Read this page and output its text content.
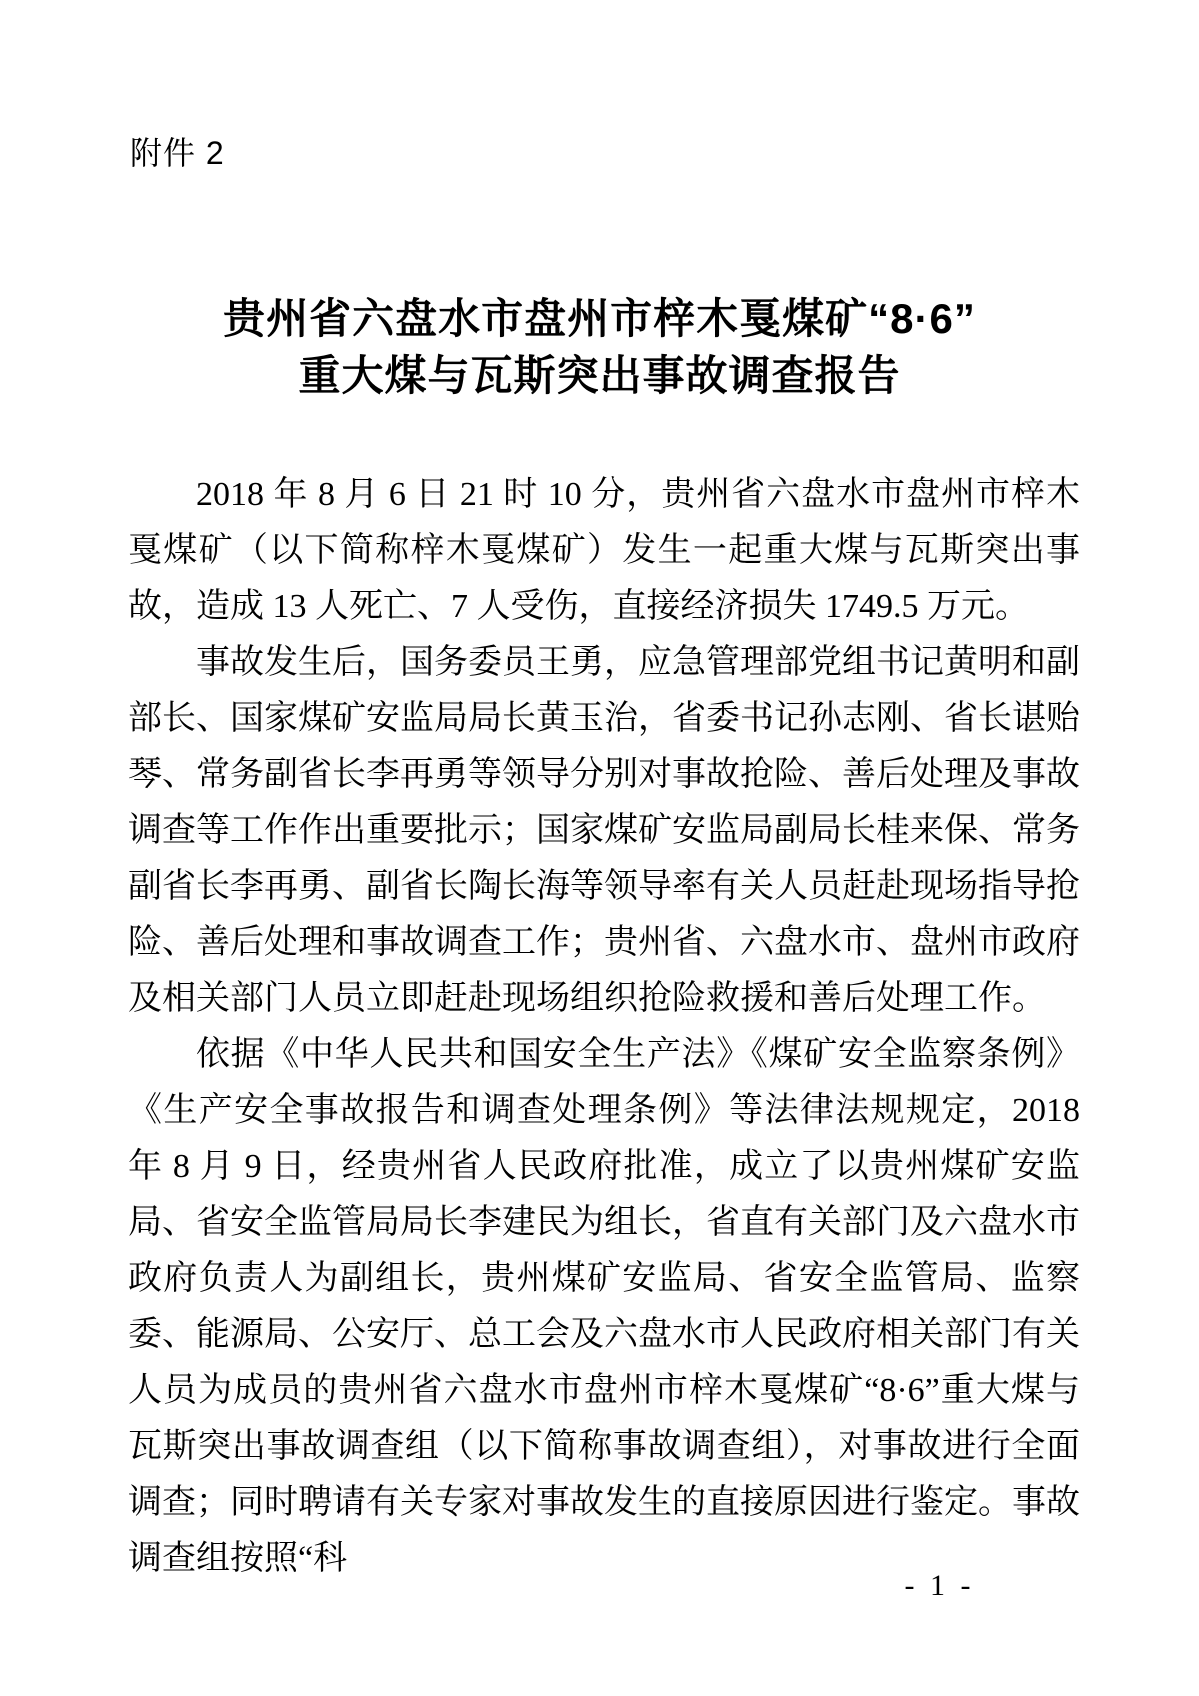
附件 2
贵州省六盘水市盘州市梓木戛煤矿“8·6”
重大煤与瓦斯突出事故调查报告

2018 年 8 月 6 日 21 时 10 分，贵州省六盘水市盘州市梓木戛煤矿（以下简称梓木戛煤矿）发生一起重大煤与瓦斯突出事故，造成 13 人死亡、7 人受伤，直接经济损失 1749.5 万元。

事故发生后，国务委员王勇，应急管理部党组书记黄明和副部长、国家煤矿安监局局长黄玉治，省委书记孙志刚、省长谌贻琴、常务副省长李再勇等领导分别对事故抢险、善后处理及事故调查等工作作出重要批示；国家煤矿安监局副局长桂来保、常务副省长李再勇、副省长陶长海等领导率有关人员赶赴现场指导抢险、善后处理和事故调查工作；贵州省、六盘水市、盘州市政府及相关部门人员立即赶赴现场组织抢险救援和善后处理工作。

依据《中华人民共和国安全生产法》《煤矿安全监察条例》《生产安全事故报告和调查处理条例》等法律法规规定，2018 年 8 月 9 日，经贵州省人民政府批准，成立了以贵州煤矿安监局、省安全监管局局长李建民为组长，省直有关部门及六盘水市政府负责人为副组长，贵州煤矿安监局、省安全监管局、监察委、能源局、公安厅、总工会及六盘水市人民政府相关部门有关人员为成员的贵州省六盘水市盘州市梓木戛煤矿“8·6”重大煤与瓦斯突出事故调查组（以下简称事故调查组），对事故进行全面调查；同时聘请有关专家对事故发生的直接原因进行鉴定。事故调查组按照“科

- 1 -
